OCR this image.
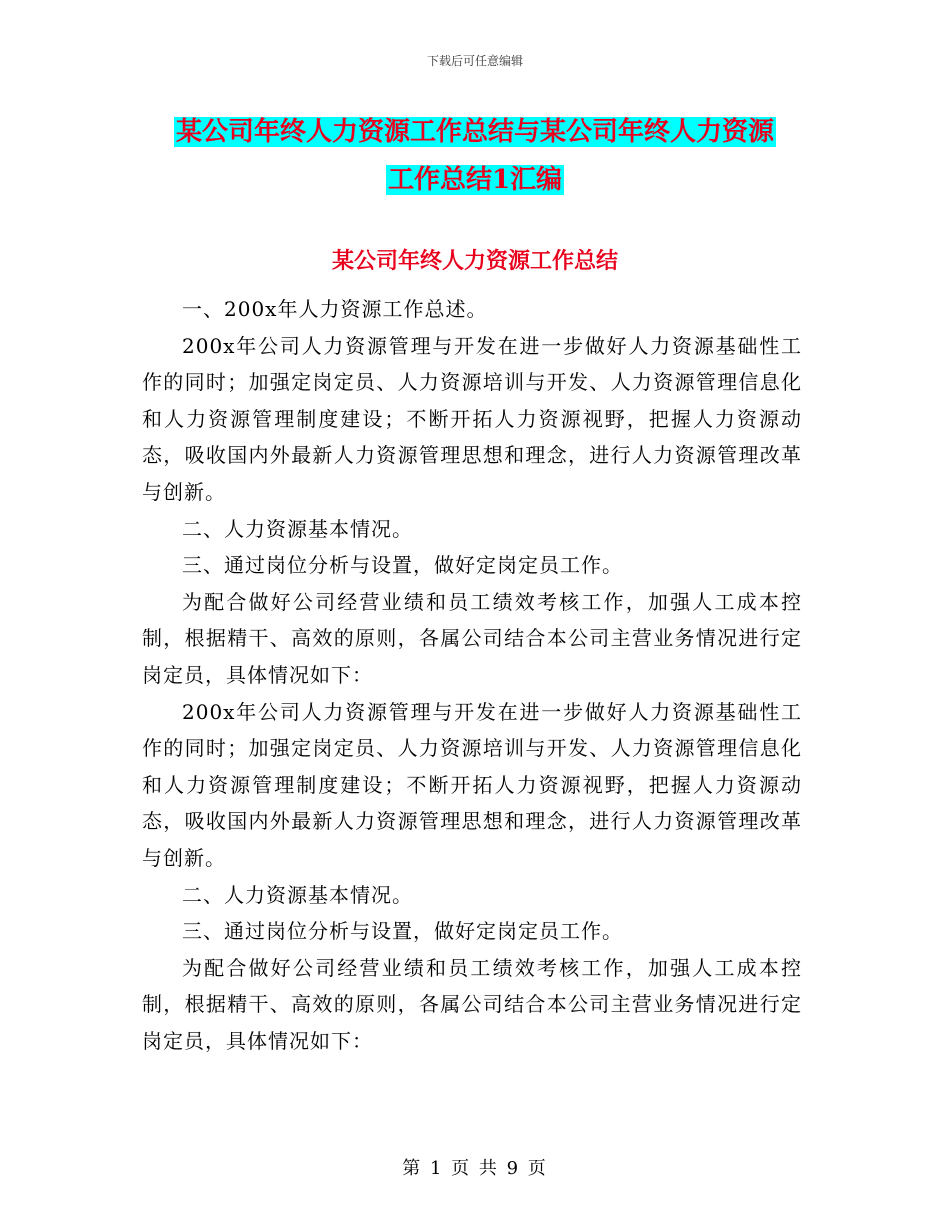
下载后可任意编辑
某公司年终人力资源工作总结与某公司年终人力资源
工作总结1汇编
某公司年终人力资源工作总结

一、200x年人力资源工作总述。

200x年公司人力资源管理与开发在进一步做好人力资源基础性工作的同时；加强定岗定员、人力资源培训与开发、人力资源管理信息化和人力资源管理制度建设；不断开拓人力资源视野，把握人力资源动态，吸收国内外最新人力资源管理思想和理念，进行人力资源管理改革与创新。

二、人力资源基本情况。

三、通过岗位分析与设置，做好定岗定员工作。

为配合做好公司经营业绩和员工绩效考核工作，加强人工成本控制，根据精干、高效的原则，各属公司结合本公司主营业务情况进行定岗定员，具体情况如下：

200x年公司人力资源管理与开发在进一步做好人力资源基础性工作的同时；加强定岗定员、人力资源培训与开发、人力资源管理信息化和人力资源管理制度建设；不断开拓人力资源视野，把握人力资源动态，吸收国内外最新人力资源管理思想和理念，进行人力资源管理改革与创新。

二、人力资源基本情况。

三、通过岗位分析与设置，做好定岗定员工作。

为配合做好公司经营业绩和员工绩效考核工作，加强人工成本控制，根据精干、高效的原则，各属公司结合本公司主营业务情况进行定岗定员，具体情况如下：

第 1 页 共 9 页
